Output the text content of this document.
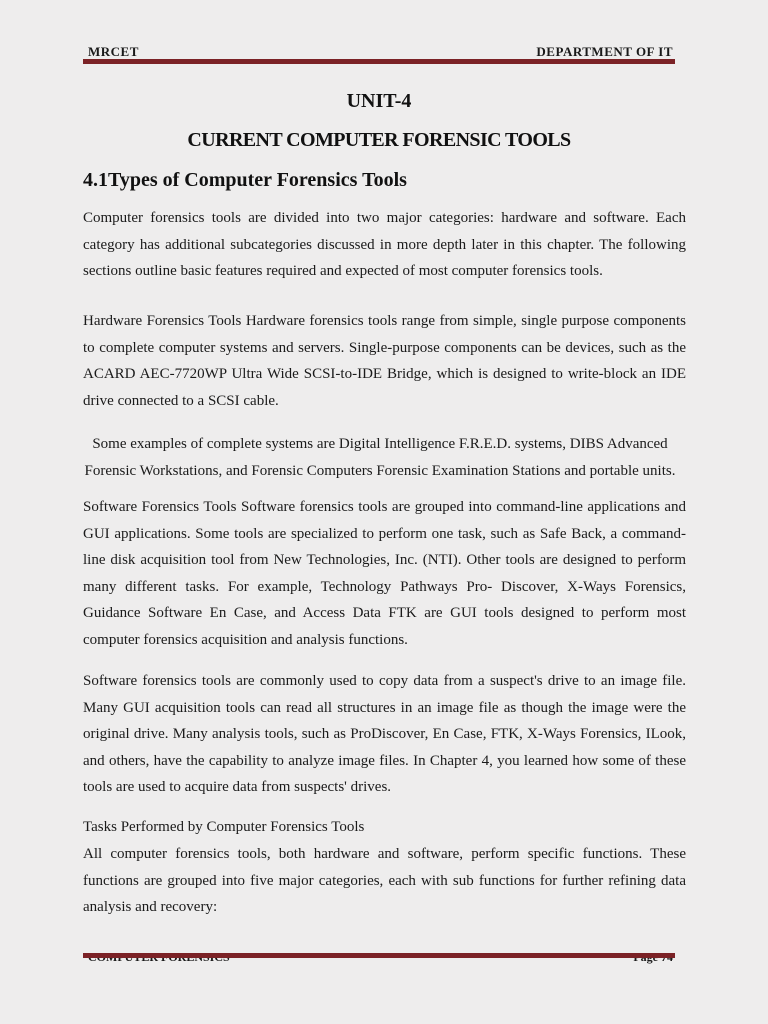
MRCET	DEPARTMENT OF IT
UNIT-4
CURRENT COMPUTER FORENSIC TOOLS
4.1Types of Computer Forensics Tools

Computer forensics tools are divided into two major categories: hardware and software. Each category has additional subcategories discussed in more depth later in this chapter. The following sections outline basic features required and expected of most computer forensics tools.

Hardware Forensics Tools Hardware forensics tools range from simple, single purpose components to complete computer systems and servers. Single-purpose components can be devices, such as the ACARD AEC-7720WP Ultra Wide SCSI-to-IDE Bridge, which is designed to write-block an IDE drive connected to a SCSI cable.

Some examples of complete systems are Digital Intelligence F.R.E.D. systems, DIBS Advanced Forensic Workstations, and Forensic Computers Forensic Examination Stations and portable units.

Software Forensics Tools Software forensics tools are grouped into command-line applications and GUI applications. Some tools are specialized to perform one task, such as Safe Back, a command-line disk acquisition tool from New Technologies, Inc. (NTI). Other tools are designed to perform many different tasks. For example, Technology Pathways Pro- Discover, X-Ways Forensics, Guidance Software En Case, and Access Data FTK are GUI tools designed to perform most computer forensics acquisition and analysis functions.

Software forensics tools are commonly used to copy data from a suspect's drive to an image file. Many GUI acquisition tools can read all structures in an image file as though the image were the original drive. Many analysis tools, such as ProDiscover, En Case, FTK, X-Ways Forensics, ILook, and others, have the capability to analyze image files. In Chapter 4, you learned how some of these tools are used to acquire data from suspects' drives.

Tasks Performed by Computer Forensics Tools

All computer forensics tools, both hardware and software, perform specific functions. These functions are grouped into five major categories, each with sub functions for further refining data analysis and recovery:
